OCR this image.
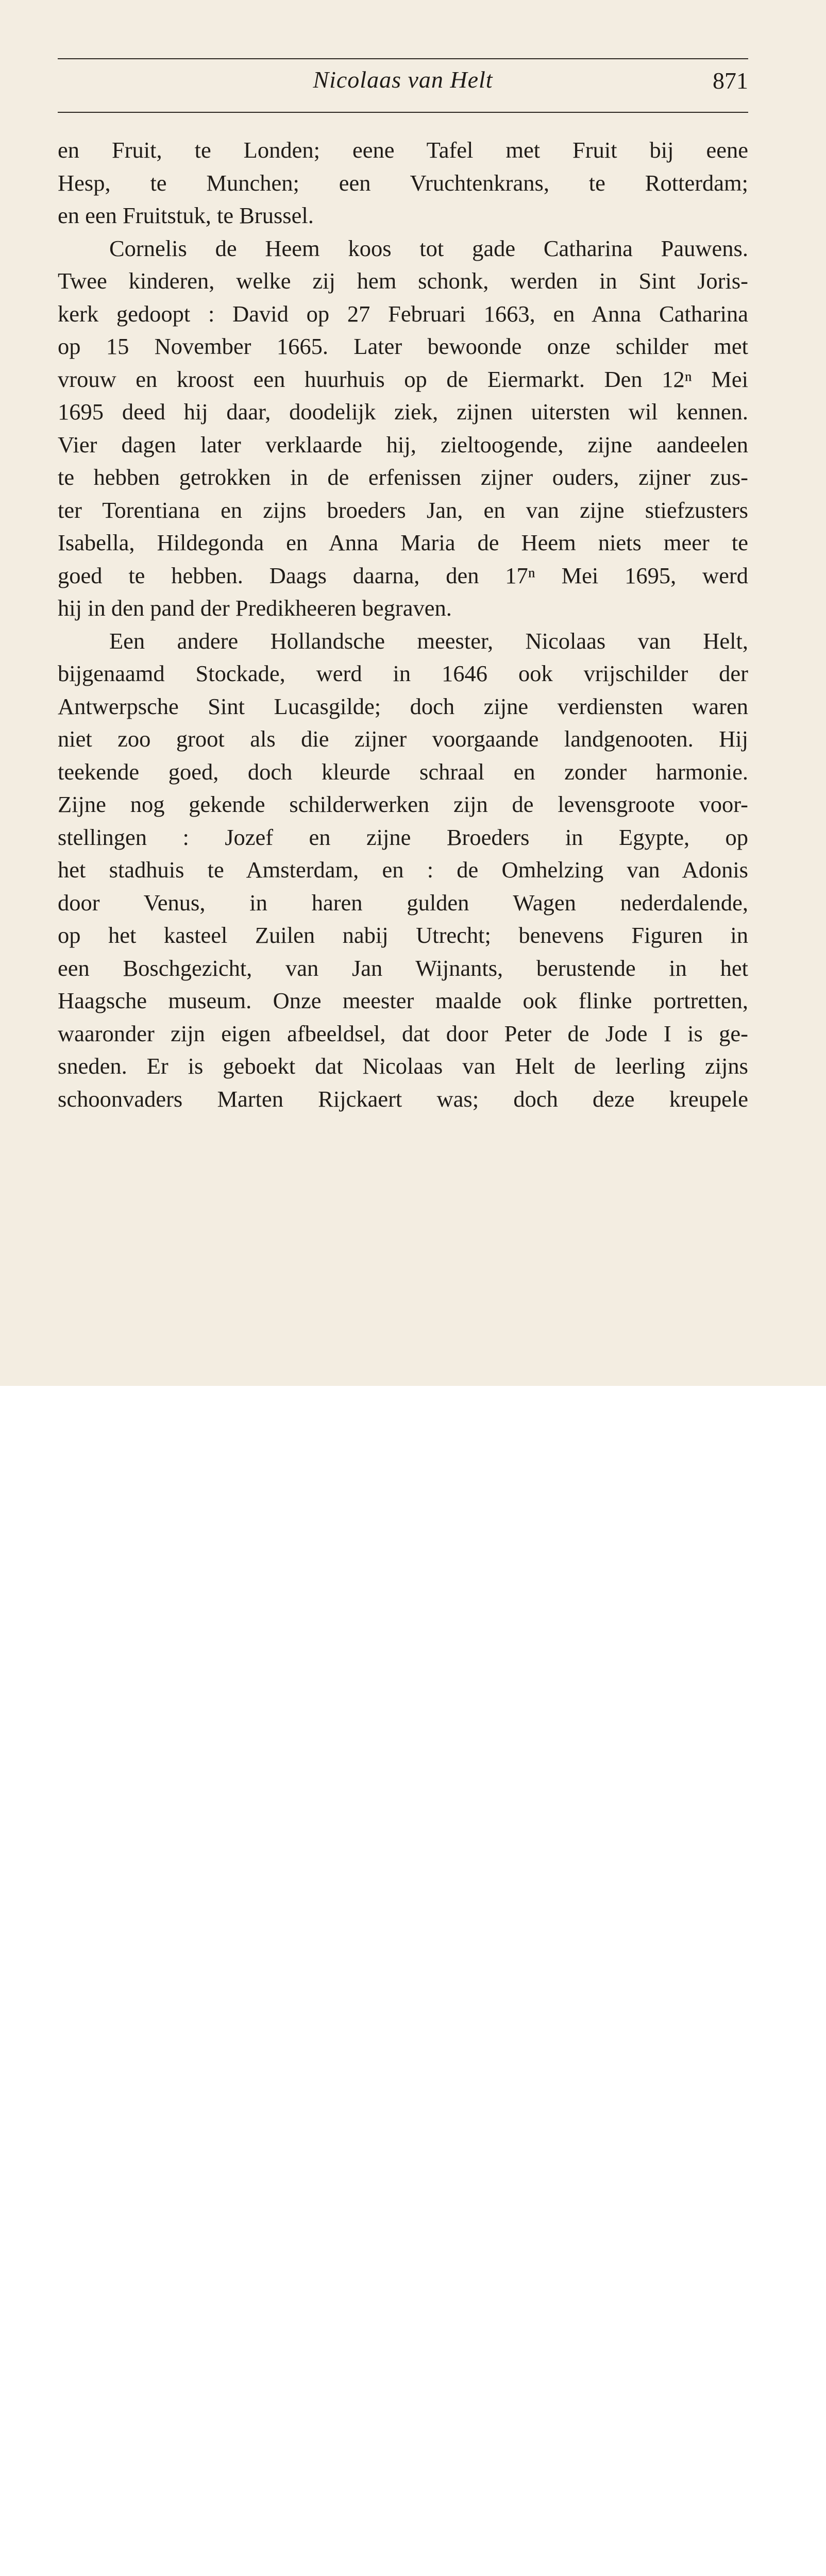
Nicolaas van Helt	871
en Fruit, te Londen; eene Tafel met Fruit bij eene
Hesp, te Munchen; een Vruchtenkrans, te Rotterdam;
en een Fruitstuk, te Brussel.
Cornelis de Heem koos tot gade Catharina Pauwens.
Twee kinderen, welke zij hem schonk, werden in Sint Joris-
kerk gedoopt : David op 27 Februari 1663, en Anna Catharina
op 15 November 1665. Later bewoonde onze schilder met
vrouw en kroost een huurhuis op de Eiermarkt. Den 12ⁿ Mei
1695 deed hij daar, doodelijk ziek, zijnen uitersten wil kennen.
Vier dagen later verklaarde hij, zieltoogende, zijne aandeelen
te hebben getrokken in de erfenissen zijner ouders, zijner zus-
ter Torentiana en zijns broeders Jan, en van zijne stiefzusters
Isabella, Hildegonda en Anna Maria de Heem niets meer te
goed te hebben. Daags daarna, den 17ⁿ Mei 1695, werd
hij in den pand der Predikheeren begraven.
Een andere Hollandsche meester, Nicolaas van Helt,
bijgenaamd Stockade, werd in 1646 ook vrijschilder der
Antwerpsche Sint Lucasgilde; doch zijne verdiensten waren
niet zoo groot als die zijner voorgaande landgenooten. Hij
teekende goed, doch kleurde schraal en zonder harmonie.
Zijne nog gekende schilderwerken zijn de levensgroote voor-
stellingen : Jozef en zijne Broeders in Egypte, op
het stadhuis te Amsterdam, en : de Omhelzing van Adonis
door Venus, in haren gulden Wagen nederdalende,
op het kasteel Zuilen nabij Utrecht; benevens Figuren in
een Boschgezicht, van Jan Wijnants, berustende in het
Haagsche museum. Onze meester maalde ook flinke portretten,
waaronder zijn eigen afbeeldsel, dat door Peter de Jode I is ge-
sneden. Er is geboekt dat Nicolaas van Helt de leerling zijns
schoonvaders Marten Rijckaert was; doch deze kreupele
